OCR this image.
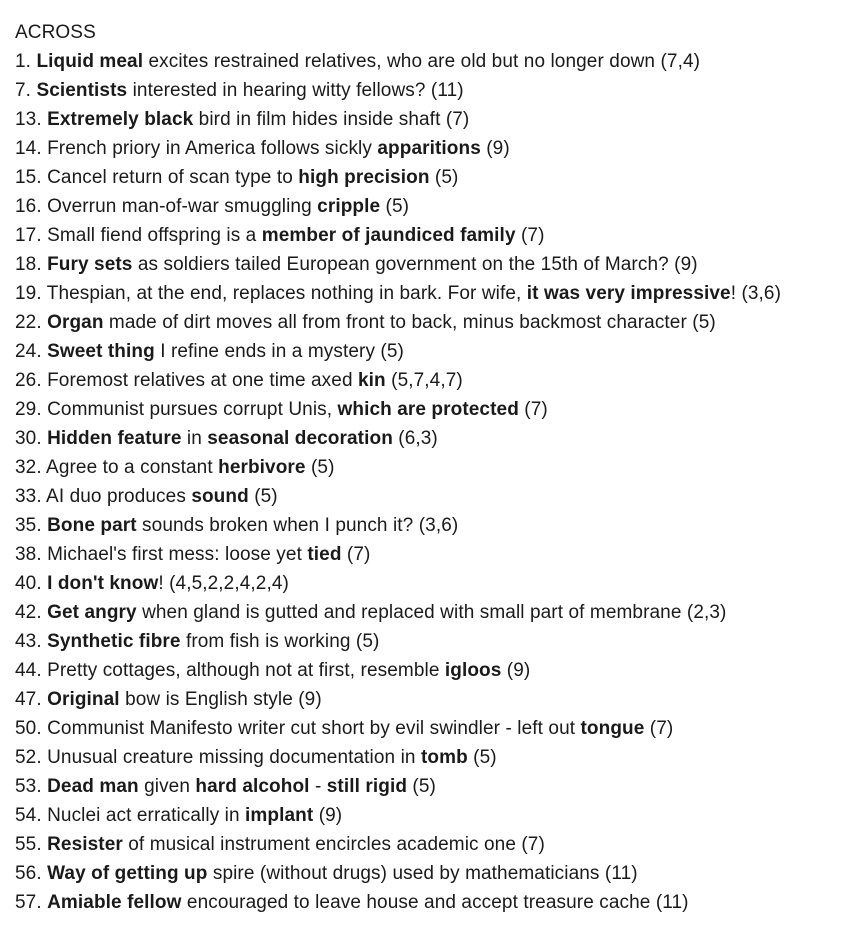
ACROSS
1. Liquid meal excites restrained relatives, who are old but no longer down (7,4)
7. Scientists interested in hearing witty fellows? (11)
13. Extremely black bird in film hides inside shaft (7)
14. French priory in America follows sickly apparitions (9)
15. Cancel return of scan type to high precision (5)
16. Overrun man-of-war smuggling cripple (5)
17. Small fiend offspring is a member of jaundiced family (7)
18. Fury sets as soldiers tailed European government on the 15th of March? (9)
19. Thespian, at the end, replaces nothing in bark. For wife, it was very impressive! (3,6)
22. Organ made of dirt moves all from front to back, minus backmost character (5)
24. Sweet thing I refine ends in a mystery (5)
26. Foremost relatives at one time axed kin (5,7,4,7)
29. Communist pursues corrupt Unis, which are protected (7)
30. Hidden feature in seasonal decoration (6,3)
32. Agree to a constant herbivore (5)
33. AI duo produces sound (5)
35. Bone part sounds broken when I punch it? (3,6)
38. Michael's first mess: loose yet tied (7)
40. I don't know! (4,5,2,2,4,2,4)
42. Get angry when gland is gutted and replaced with small part of membrane (2,3)
43. Synthetic fibre from fish is working (5)
44. Pretty cottages, although not at first, resemble igloos (9)
47. Original bow is English style (9)
50. Communist Manifesto writer cut short by evil swindler - left out tongue (7)
52. Unusual creature missing documentation in tomb (5)
53. Dead man given hard alcohol - still rigid (5)
54. Nuclei act erratically in implant (9)
55. Resister of musical instrument encircles academic one (7)
56. Way of getting up spire (without drugs) used by mathematicians (11)
57. Amiable fellow encouraged to leave house and accept treasure cache (11)
